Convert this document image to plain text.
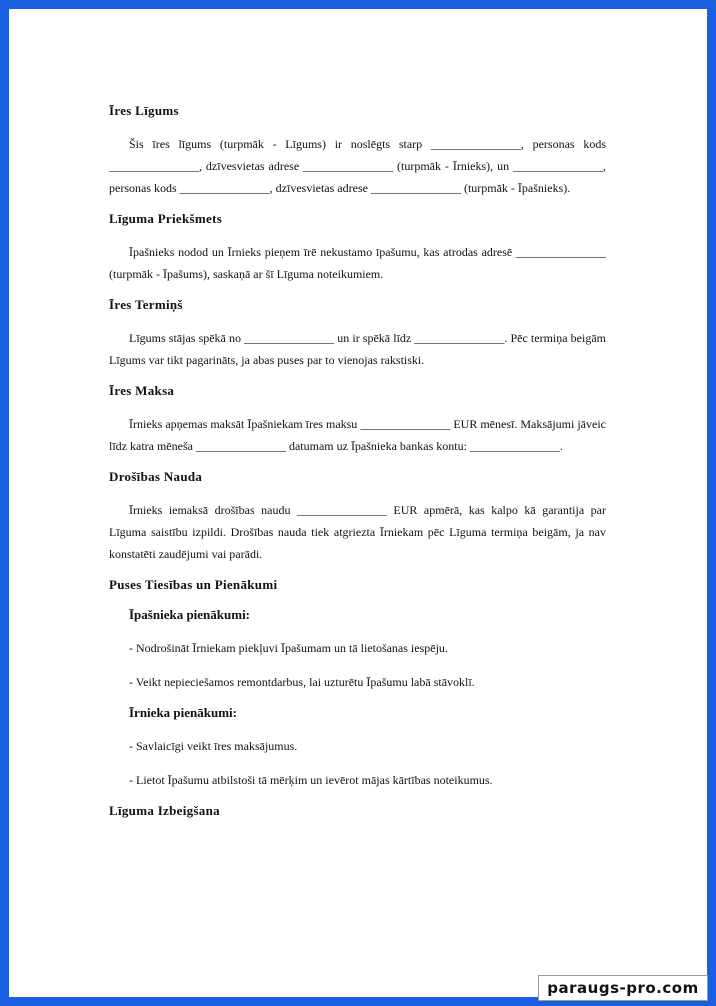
Īres Līgums

Šis īres līgums (turpmāk - Līgums) ir noslēgts starp _______________, personas kods _______________, dzīvesvietas adrese _______________ (turpmāk - Īrnieks), un _______________, personas kods _______________, dzīvesvietas adrese _______________ (turpmāk - Īpašnieks).

Līguma Priekšmets

Īpašnieks nodod un Īrnieks pieņem īrē nekustamo īpašumu, kas atrodas adresē _______________ (turpmāk - Īpašums), saskaņā ar šī Līguma noteikumiem.

Īres Termiņš

Līgums stājas spēkā no _______________ un ir spēkā līdz _______________. Pēc termiņa beigām Līgums var tikt pagarināts, ja abas puses par to vienojas rakstiski.

Īres Maksa

Īrnieks apņemas maksāt Īpašniekam īres maksu _______________ EUR mēnesī. Maksājumi jāveic līdz katra mēneša _______________ datumam uz Īpašnieka bankas kontu: _______________.

Drošības Nauda

Īrnieks iemaksā drošības naudu _______________ EUR apmērā, kas kalpo kā garantija par Līguma saistību izpildi. Drošības nauda tiek atgriezta Īrniekam pēc Līguma termiņa beigām, ja nav konstatēti zaudējumi vai parādi.

Puses Tiesības un Pienākumi
Īpašnieka pienākumi:
- Nodrošināt Īrniekam piekļuvi Īpašumam un tā lietošanas iespēju.
- Veikt nepieciešamos remontdarbus, lai uzturētu Īpašumu labā stāvoklī.
Īrnieka pienākumi:
- Savlaicīgi veikt īres maksājumus.
- Lietot Īpašumu atbilstoši tā mērķim un ievērot mājas kārtības noteikumus.
Līguma Izbeigšana
paraugs-pro.com
